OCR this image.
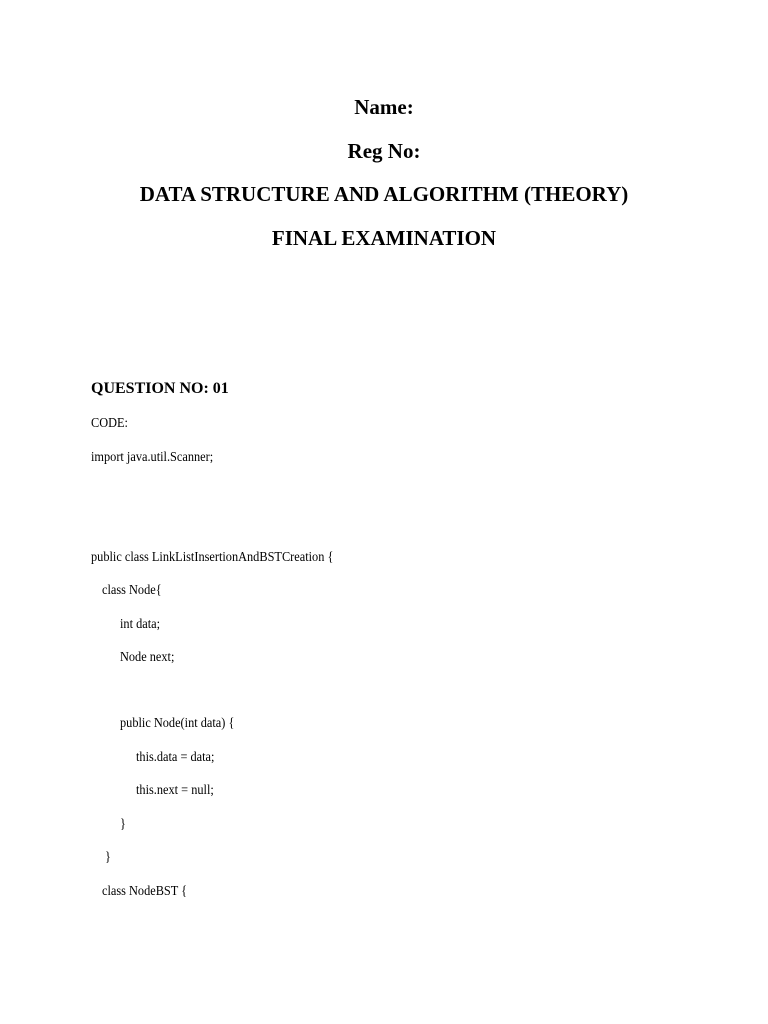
Name:
Reg No:
DATA STRUCTURE AND ALGORITHM (THEORY)
FINAL EXAMINATION
QUESTION NO: 01
CODE:
import java.util.Scanner;
public class LinkListInsertionAndBSTCreation {
class Node{
int data;
Node next;
public Node(int data) {
this.data = data;
this.next = null;
}
}
class NodeBST {
